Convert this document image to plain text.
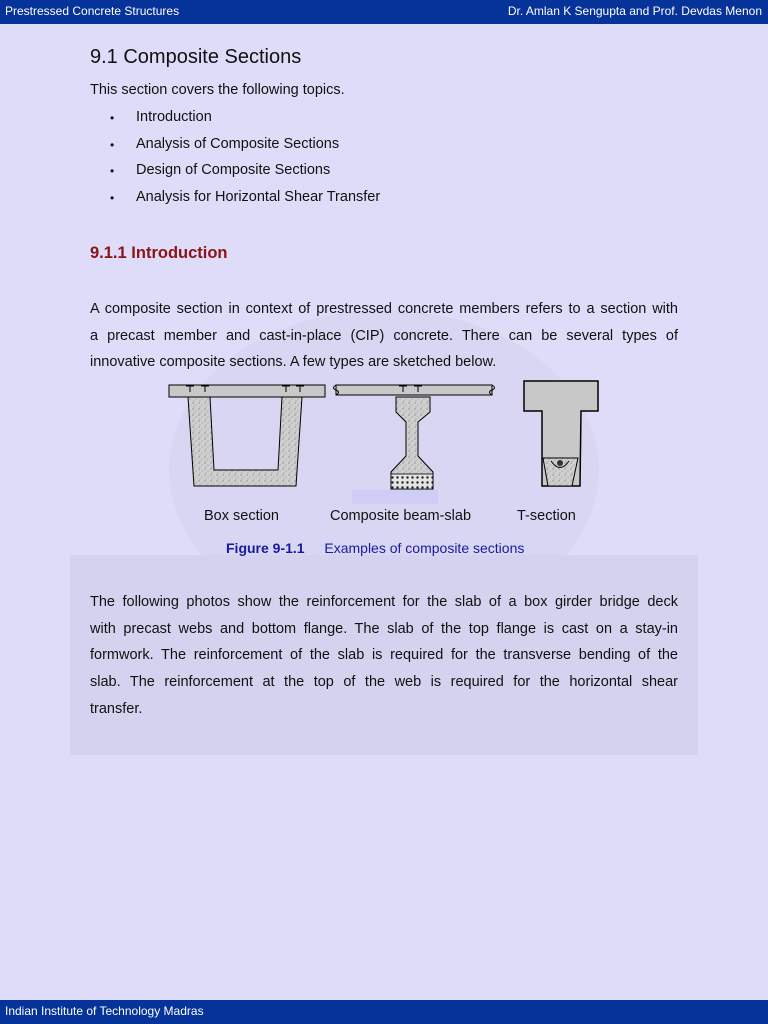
Prestressed Concrete Structures	Dr. Amlan K Sengupta and Prof. Devdas Menon
9.1 Composite Sections
This section covers the following topics.
• Introduction
• Analysis of Composite Sections
• Design of Composite Sections
• Analysis for Horizontal Shear Transfer
9.1.1 Introduction
A composite section in context of prestressed concrete members refers to a section with
a precast member and cast-in-place (CIP) concrete. There can be several types of
innovative composite sections. A few types are sketched below.
Box section	Composite beam-slab	T-section
Figure 9-1.1 Examples of composite sections
The following photos show the reinforcement for the slab of a box girder bridge deck
with precast webs and bottom flange. The slab of the top flange is cast on a stay-in
formwork. The reinforcement of the slab is required for the transverse bending of the
slab. The reinforcement at the top of the web is required for the horizontal shear
transfer.
Indian Institute of Technology Madras
